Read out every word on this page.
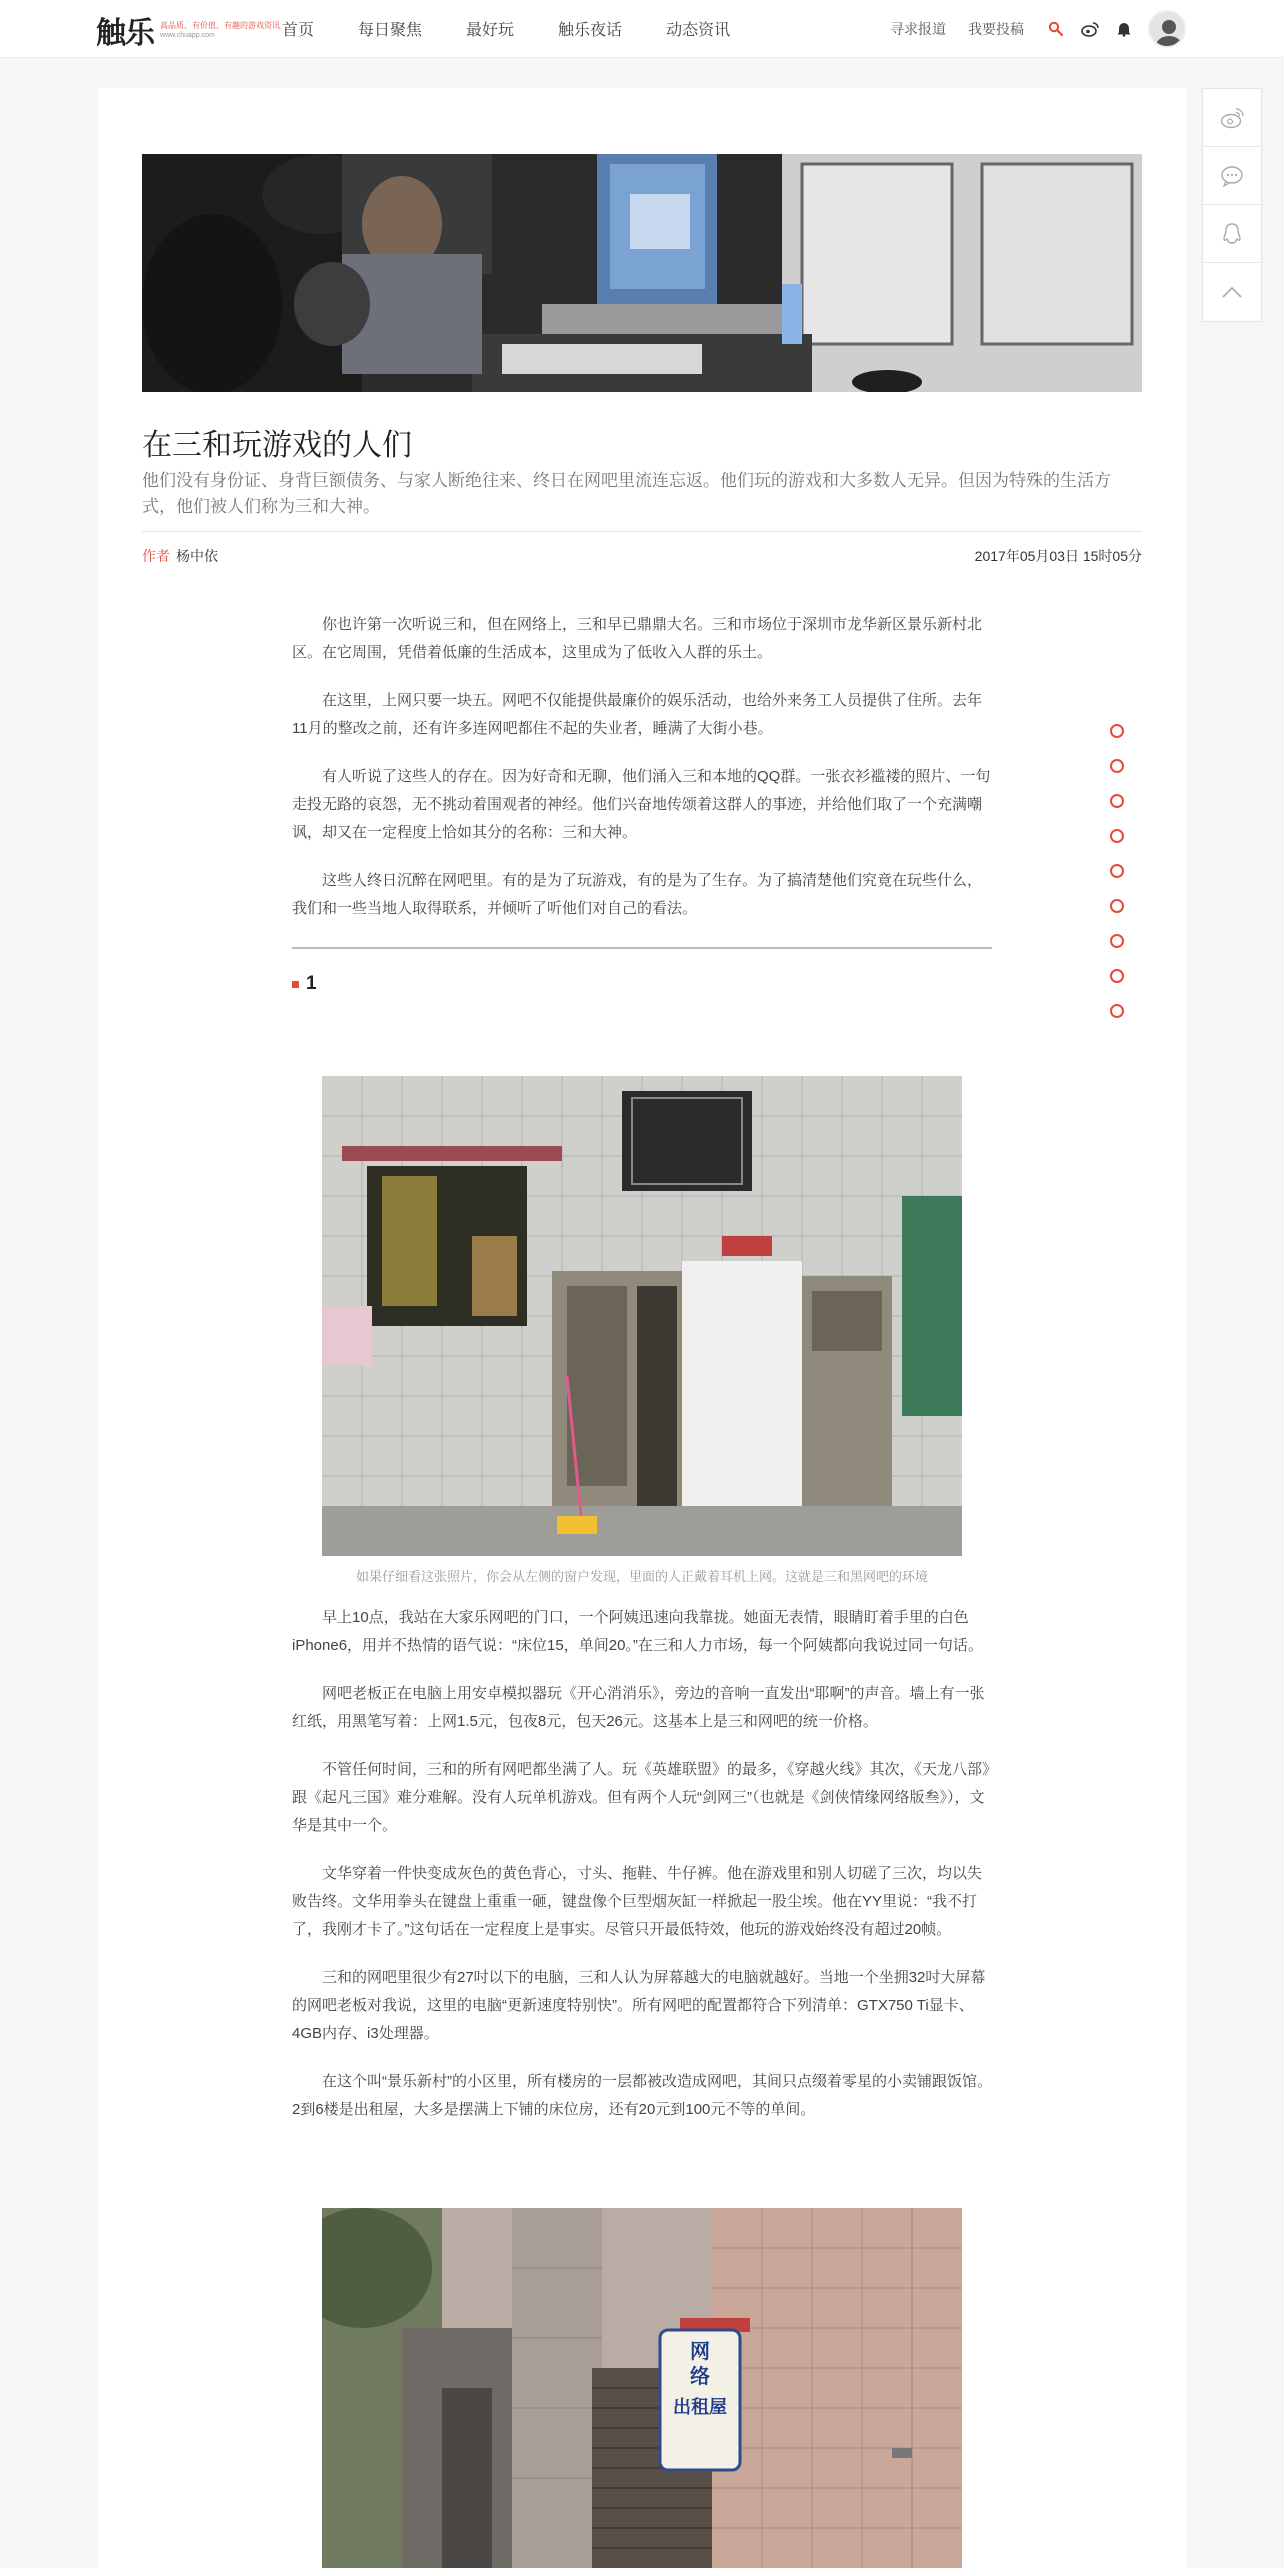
触乐 高品质、有价值、有趣的游戏资讯
www.chuapp.com	首页	每日聚焦	最好玩	触乐夜话	动态资讯	寻求报道 我要投稿
在三和玩游戏的人们

他们没有身份证、身背巨额债务、与家人断绝往来、终日在网吧里流连忘返。他们玩的游戏和大多数人无异。但因为特殊的生活方式，他们被人们称为三和大神。

作者 杨中依	2017年05月03日 15时05分

你也许第一次听说三和，但在网络上，三和早已鼎鼎大名。三和市场位于深圳市龙华新区景乐新村北区。在它周围，凭借着低廉的生活成本，这里成为了低收入人群的乐土。

在这里，上网只要一块五。网吧不仅能提供最廉价的娱乐活动，也给外来务工人员提供了住所。去年11月的整改之前，还有许多连网吧都住不起的失业者，睡满了大街小巷。

有人听说了这些人的存在。因为好奇和无聊，他们涌入三和本地的QQ群。一张衣衫褴褛的照片、一句走投无路的哀怨，无不挑动着围观者的神经。他们兴奋地传颂着这群人的事迹，并给他们取了一个充满嘲讽，却又在一定程度上恰如其分的名称：三和大神。

这些人终日沉醉在网吧里。有的是为了玩游戏，有的是为了生存。为了搞清楚他们究竟在玩些什么，我们和一些当地人取得联系，并倾听了听他们对自己的看法。

1
如果仔细看这张照片，你会从左侧的窗户发现，里面的人正戴着耳机上网。这就是三和黑网吧的环境

早上10点，我站在大家乐网吧的门口，一个阿姨迅速向我靠拢。她面无表情，眼睛盯着手里的白色iPhone6，用并不热情的语气说：“床位15，单间20。”在三和人力市场，每一个阿姨都向我说过同一句话。

网吧老板正在电脑上用安卓模拟器玩《开心消消乐》，旁边的音响一直发出“耶啊”的声音。墙上有一张红纸，用黑笔写着：上网1.5元，包夜8元，包天26元。这基本上是三和网吧的统一价格。

不管任何时间，三和的所有网吧都坐满了人。玩《英雄联盟》的最多，《穿越火线》其次，《天龙八部》跟《起凡三国》难分难解。没有人玩单机游戏。但有两个人玩“剑网三”（也就是《剑侠情缘网络版叁》），文华是其中一个。

文华穿着一件快变成灰色的黄色背心，寸头、拖鞋、牛仔裤。他在游戏里和别人切磋了三次，均以失败告终。文华用拳头在键盘上重重一砸，键盘像个巨型烟灰缸一样掀起一股尘埃。他在YY里说：“我不打了，我刚才卡了。”这句话在一定程度上是事实。尽管只开最低特效，他玩的游戏始终没有超过20帧。

三和的网吧里很少有27吋以下的电脑，三和人认为屏幕越大的电脑就越好。当地一个坐拥32吋大屏幕的网吧老板对我说，这里的电脑“更新速度特别快”。所有网吧的配置都符合下列清单：GTX750 Ti显卡、4GB内存、i3处理器。

在这个叫“景乐新村”的小区里，所有楼房的一层都被改造成网吧，其间只点缀着零星的小卖铺跟饭馆。2到6楼是出租屋，大多是摆满上下铺的床位房，还有20元到100元不等的单间。

网
络
出 租 屋
